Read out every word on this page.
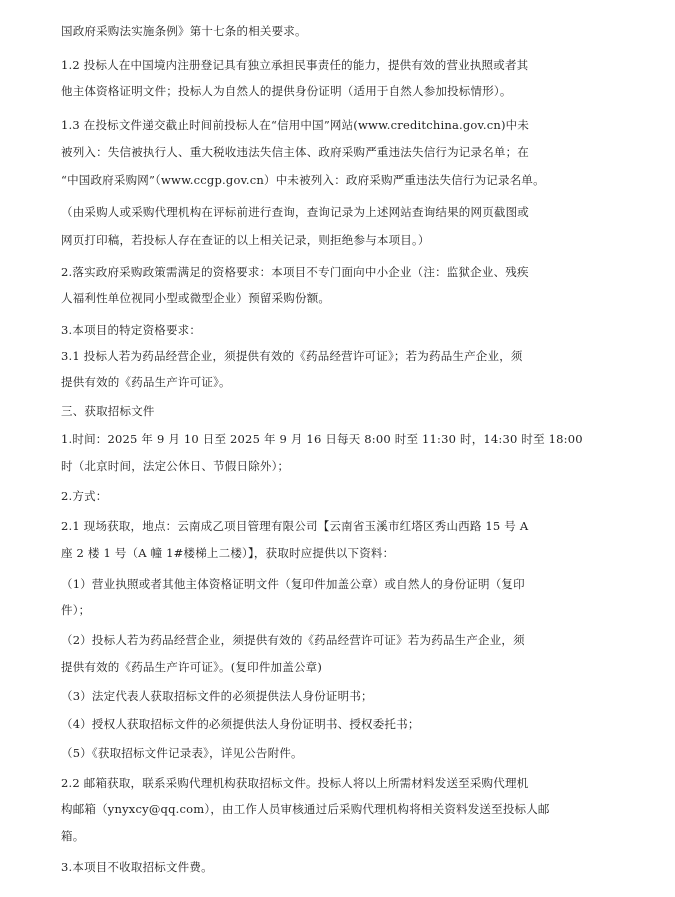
国政府采购法实施条例》第十七条的相关要求。
1.2 投标人在中国境内注册登记具有独立承担民事责任的能力，提供有效的营业执照或者其
他主体资格证明文件；投标人为自然人的提供身份证明（适用于自然人参加投标情形）。
1.3 在投标文件递交截止时间前投标人在“信用中国”网站(www.creditchina.gov.cn)中未
被列入：失信被执行人、重大税收违法失信主体、政府采购严重违法失信行为记录名单；在
“中国政府采购网”（www.ccgp.gov.cn）中未被列入：政府采购严重违法失信行为记录名单。
（由采购人或采购代理机构在评标前进行查询，查询记录为上述网站查询结果的网页截图或
网页打印稿，若投标人存在查证的以上相关记录，则拒绝参与本项目。）
2.落实政府采购政策需满足的资格要求：本项目不专门面向中小企业（注：监狱企业、残疾
人福利性单位视同小型或微型企业）预留采购份额。
3.本项目的特定资格要求：
3.1 投标人若为药品经营企业，须提供有效的《药品经营许可证》；若为药品生产企业，须
提供有效的《药品生产许可证》。
三、获取招标文件
1.时间：2025 年 9 月 10 日至 2025 年 9 月 16 日每天 8:00 时至 11:30 时，14:30 时至 18:00
时（北京时间，法定公休日、节假日除外）；
2.方式：
2.1 现场获取，地点：云南成乙项目管理有限公司【云南省玉溪市红塔区秀山西路 15 号 A
座 2 楼 1 号（A 幢 1#楼梯上二楼）】，获取时应提供以下资料：
（1）营业执照或者其他主体资格证明文件（复印件加盖公章）或自然人的身份证明（复印
件）；
（2）投标人若为药品经营企业，须提供有效的《药品经营许可证》若为药品生产企业，须
提供有效的《药品生产许可证》。(复印件加盖公章)
（3）法定代表人获取招标文件的必须提供法人身份证明书；
（4）授权人获取招标文件的必须提供法人身份证明书、授权委托书；
（5）《获取招标文件记录表》，详见公告附件。
2.2 邮箱获取，联系采购代理机构获取招标文件。投标人将以上所需材料发送至采购代理机
构邮箱（ynyxcy@qq.com），由工作人员审核通过后采购代理机构将相关资料发送至投标人邮
箱。
3.本项目不收取招标文件费。
